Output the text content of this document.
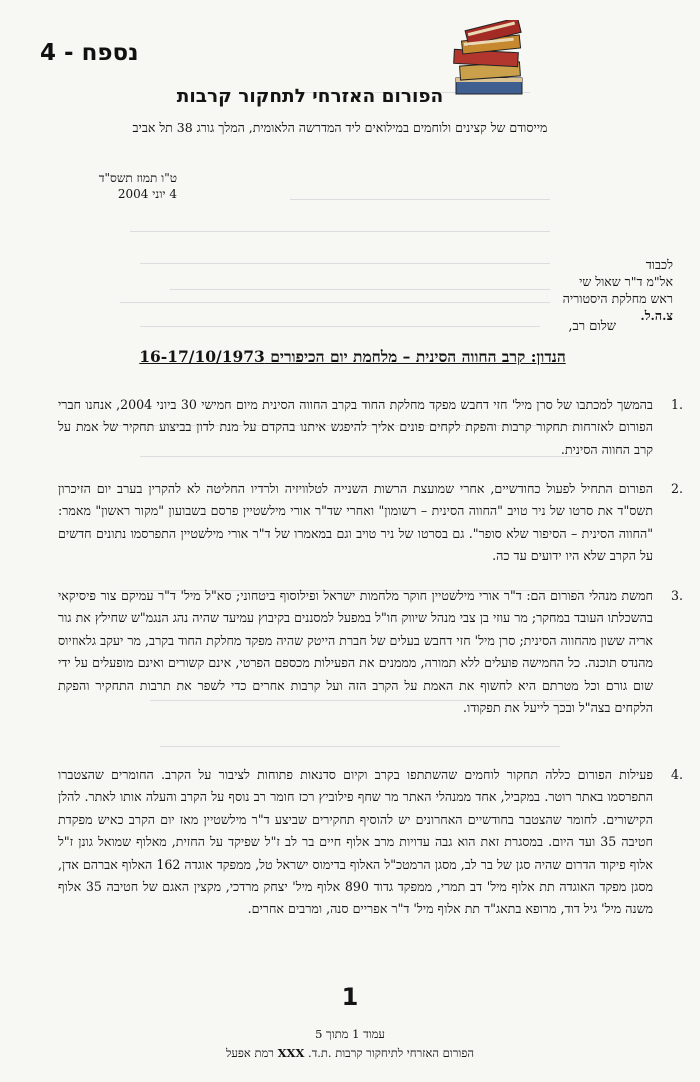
נספח - 4
הפורום האזרחי לתחקור קרבות
מייסודם של קצינים ולוחמים במילואים ליד המדרשה הלאומית, המלך גורג 38 תל אביב
ט"ו תמוז תשס"ד
4 יוני 2004
לכבוד
אל"מ ד"ר שאול שי
ראש מחלקת היסטוריה
צ.ה.ל.
שלום רב,
הנדון: קרב החווה הסינית – מלחמת יום הכיפורים 16-17/10/1973
1.
בהמשך למכתבו של סרן מיל' חזי דחבש מפקד מחלקת החוד בקרב החווה הסינית מיום חמישי 30 ביוני 2004, אנחנו חברי הפורום לאזרחות תחקור קרבות והפקת לקחים פונים אליך להיפגש איתנו בהקדם על מנת לדון בביצוע תחקיר של אמת על קרב החווה הסינית.
2.
הפורום התחיל לפעול כחודשיים, אחרי שמועצת הרשות השנייה לטלוויזיה ולרדיו החליטה לא להקרין בערב יום הזיכרון תשס"ד את סרטו של ניר טויב "החווה הסינית – רשומון" ואחרי שד"ר אורי מילשטיין פרסם בשבועון "מקור ראשון" מאמר: "החווה הסינית – הסיפור שלא סופר". גם בסרטו של ניר טויב וגם במאמרו של ד"ר אורי מילשטיין התפרסמו נתונים חדשים על הקרב שלא היו ידועים עד כה.
3.
חמשת מנהלי הפורום הם: ד"ר אורי מילשטיין חוקר מלחמות ישראל ופילוסוף ביטחוני; סא"ל מיל' ד"ר עמיקם צור פיסיקאי בהשכלתו העובד במחקר; מר עוזי בן צבי מנהל שיווק חו"ל במפעל למסננים בקיבוץ עמיעד שהיה נהג הנגמ"ש שחילץ את גור אריה ששון מהחווה הסינית; סרן מיל' חזי דחבש בעלים של חברת הייטק שהיה מפקד מחלקת החוד בקרב, מר יעקב גלאוזיוס מהנדס תוכנה. כל החמישה פועלים ללא תמורה, מממנים את הפעילות מכספם הפרטי, אינם קשורים ואינם מופעלים על ידי שום גורם וכל מטרתם היא לחשוף את האמת על הקרב הזה ועל קרבות אחרים כדי לשפר את תרבות התחקיר והפקת הלקחים בצה"ל ובכך לייעל את תפקודו.
4.
פעילות הפורום כללה תחקור לוחמים שהשתתפו בקרב וקיום סדנאות פתוחות לציבור על הקרב. החומרים שהצטברו התפרסמו באתר רוטר. במקביל, אחד ממנהלי האתר מר שחף פילוביץ רכז חומר רב נוסף על הקרב והעלה אותו לאתר. להלן הקישורים. לחומר שהצטבר בחודשיים האחרונים יש להוסיף תחקירים שביצע ד"ר מילשטיין מאז יום הקרב כאיש מפקדת חטיבה 35 ועד היום. במסגרת זאת הוא גבה עדויות מרב אלוף חיים בר לב ז"ל שפיקד על החזית, מאלוף שמואל גונן ז"ל אלוף פיקוד הדרום שהיה סגן של בר לב, מסגן הרמטכ"ל האלוף בדימוס ישראל טל, ממפקד אוגדה 162 האלוף אברהם אדן, מסגן מפקד האוגדה תת אלוף מיל' דב תמרי, ממפקד גדוד 890 אלוף מיל' יצחק מרדכי, מקצין האגם של חטיבה 35 אלוף משנה מיל' גיל דוד, מרופא בתאג"ד תת אלוף מיל' ד"ר אפריים סנה, ומרבים אחרים.
1
עמוד 1 מתוך 5
הפורום האזרחי לתיחקור קרבות .ת.ד. XXX רמת אפעל
